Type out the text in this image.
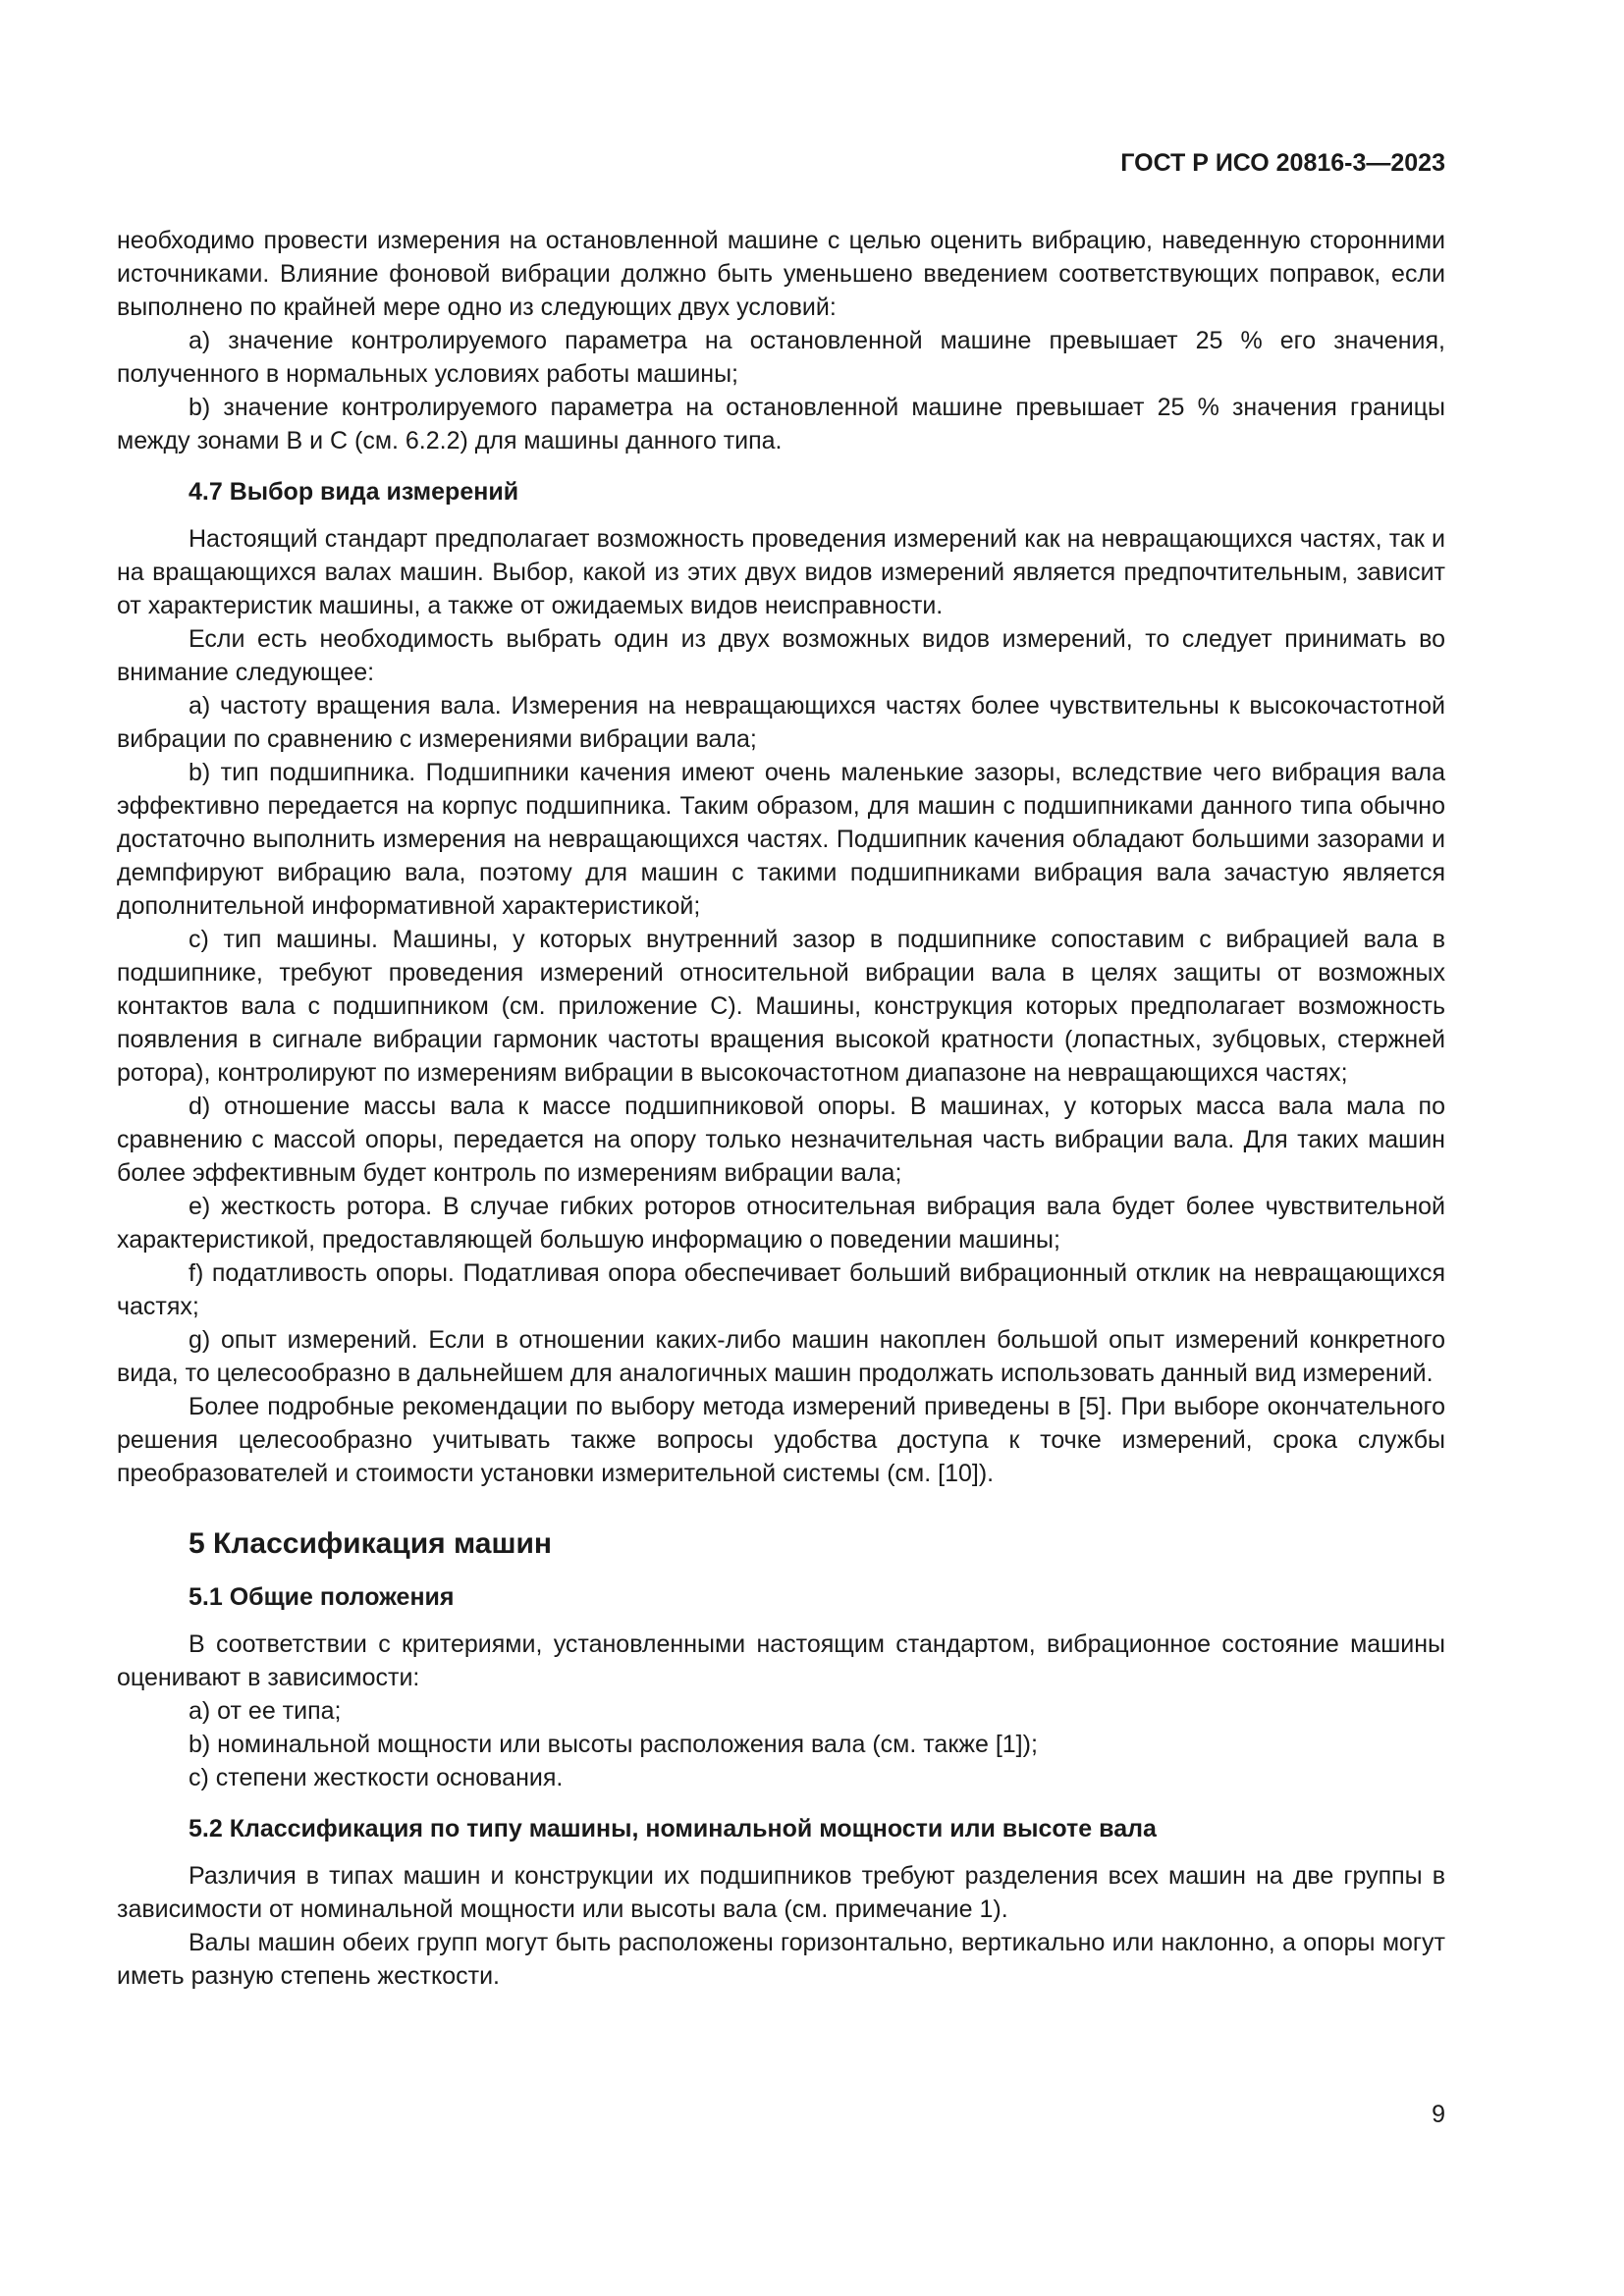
ГОСТ Р ИСО 20816-3—2023

необходимо провести измерения на остановленной машине с целью оценить вибрацию, наведенную сторонними источниками. Влияние фоновой вибрации должно быть уменьшено введением соответствующих поправок, если выполнено по крайней мере одно из следующих двух условий:

a) значение контролируемого параметра на остановленной машине превышает 25 % его значения, полученного в нормальных условиях работы машины;

b) значение контролируемого параметра на остановленной машине превышает 25 % значения границы между зонами B и C (см. 6.2.2) для машины данного типа.

4.7 Выбор вида измерений

Настоящий стандарт предполагает возможность проведения измерений как на невращающихся частях, так и на вращающихся валах машин. Выбор, какой из этих двух видов измерений является предпочтительным, зависит от характеристик машины, а также от ожидаемых видов неисправности.

Если есть необходимость выбрать один из двух возможных видов измерений, то следует принимать во внимание следующее:

a) частоту вращения вала. Измерения на невращающихся частях более чувствительны к высокочастотной вибрации по сравнению с измерениями вибрации вала;

b) тип подшипника. Подшипники качения имеют очень маленькие зазоры, вследствие чего вибрация вала эффективно передается на корпус подшипника. Таким образом, для машин с подшипниками данного типа обычно достаточно выполнить измерения на невращающихся частях. Подшипник качения обладают большими зазорами и демпфируют вибрацию вала, поэтому для машин с такими подшипниками вибрация вала зачастую является дополнительной информативной характеристикой;

c) тип машины. Машины, у которых внутренний зазор в подшипнике сопоставим с вибрацией вала в подшипнике, требуют проведения измерений относительной вибрации вала в целях защиты от возможных контактов вала с подшипником (см. приложение С). Машины, конструкция которых предполагает возможность появления в сигнале вибрации гармоник частоты вращения высокой кратности (лопастных, зубцовых, стержней ротора), контролируют по измерениям вибрации в высокочастотном диапазоне на невращающихся частях;

d) отношение массы вала к массе подшипниковой опоры. В машинах, у которых масса вала мала по сравнению с массой опоры, передается на опору только незначительная часть вибрации вала. Для таких машин более эффективным будет контроль по измерениям вибрации вала;

e) жесткость ротора. В случае гибких роторов относительная вибрация вала будет более чувствительной характеристикой, предоставляющей большую информацию о поведении машины;

f) податливость опоры. Податливая опора обеспечивает больший вибрационный отклик на невращающихся частях;

g) опыт измерений. Если в отношении каких-либо машин накоплен большой опыт измерений конкретного вида, то целесообразно в дальнейшем для аналогичных машин продолжать использовать данный вид измерений.

Более подробные рекомендации по выбору метода измерений приведены в [5]. При выборе окончательного решения целесообразно учитывать также вопросы удобства доступа к точке измерений, срока службы преобразователей и стоимости установки измерительной системы (см. [10]).

5 Классификация машин
5.1 Общие положения

В соответствии с критериями, установленными настоящим стандартом, вибрационное состояние машины оценивают в зависимости:

a) от ее типа;

b) номинальной мощности или высоты расположения вала (см. также [1]);

c) степени жесткости основания.

5.2 Классификация по типу машины, номинальной мощности или высоте вала

Различия в типах машин и конструкции их подшипников требуют разделения всех машин на две группы в зависимости от номинальной мощности или высоты вала (см. примечание 1).

Валы машин обеих групп могут быть расположены горизонтально, вертикально или наклонно, а опоры могут иметь разную степень жесткости.

9
